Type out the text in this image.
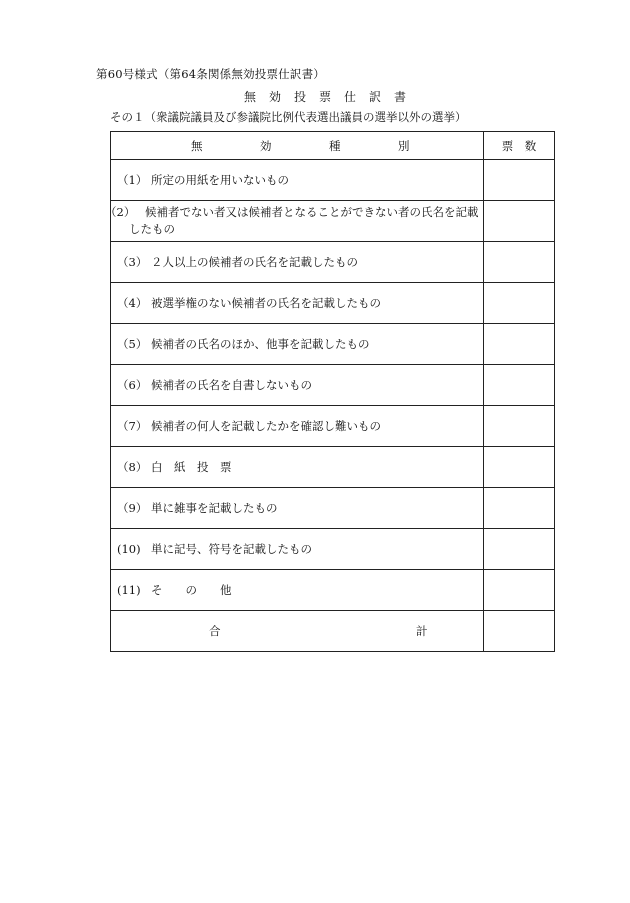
第60号様式（第64条関係無効投票仕訳書）
無　効　投　票　仕　訳　書
その１（衆議院議員及び参議院比例代表選出議員の選挙以外の選挙）
無　　　　　効　　　　　種　　　　　別	票　数
（1） 所定の用紙を用いないもの	

（2） 候補者でない者又は候補者となることができない者の氏名を記載したもの	

（3） ２人以上の候補者の氏名を記載したもの	
（4） 被選挙権のない候補者の氏名を記載したもの	
（5） 候補者の氏名のほか、他事を記載したもの	
（6） 候補者の氏名を自書しないもの	
（7） 候補者の何人を記載したかを確認し難いもの	
（8） 白　紙　投　票	
（9） 単に雑事を記載したもの	
(10) 単に記号、符号を記載したもの	
(11) そ　　の　　他	
合　　　　　　　　　　　　　　　　　計	
